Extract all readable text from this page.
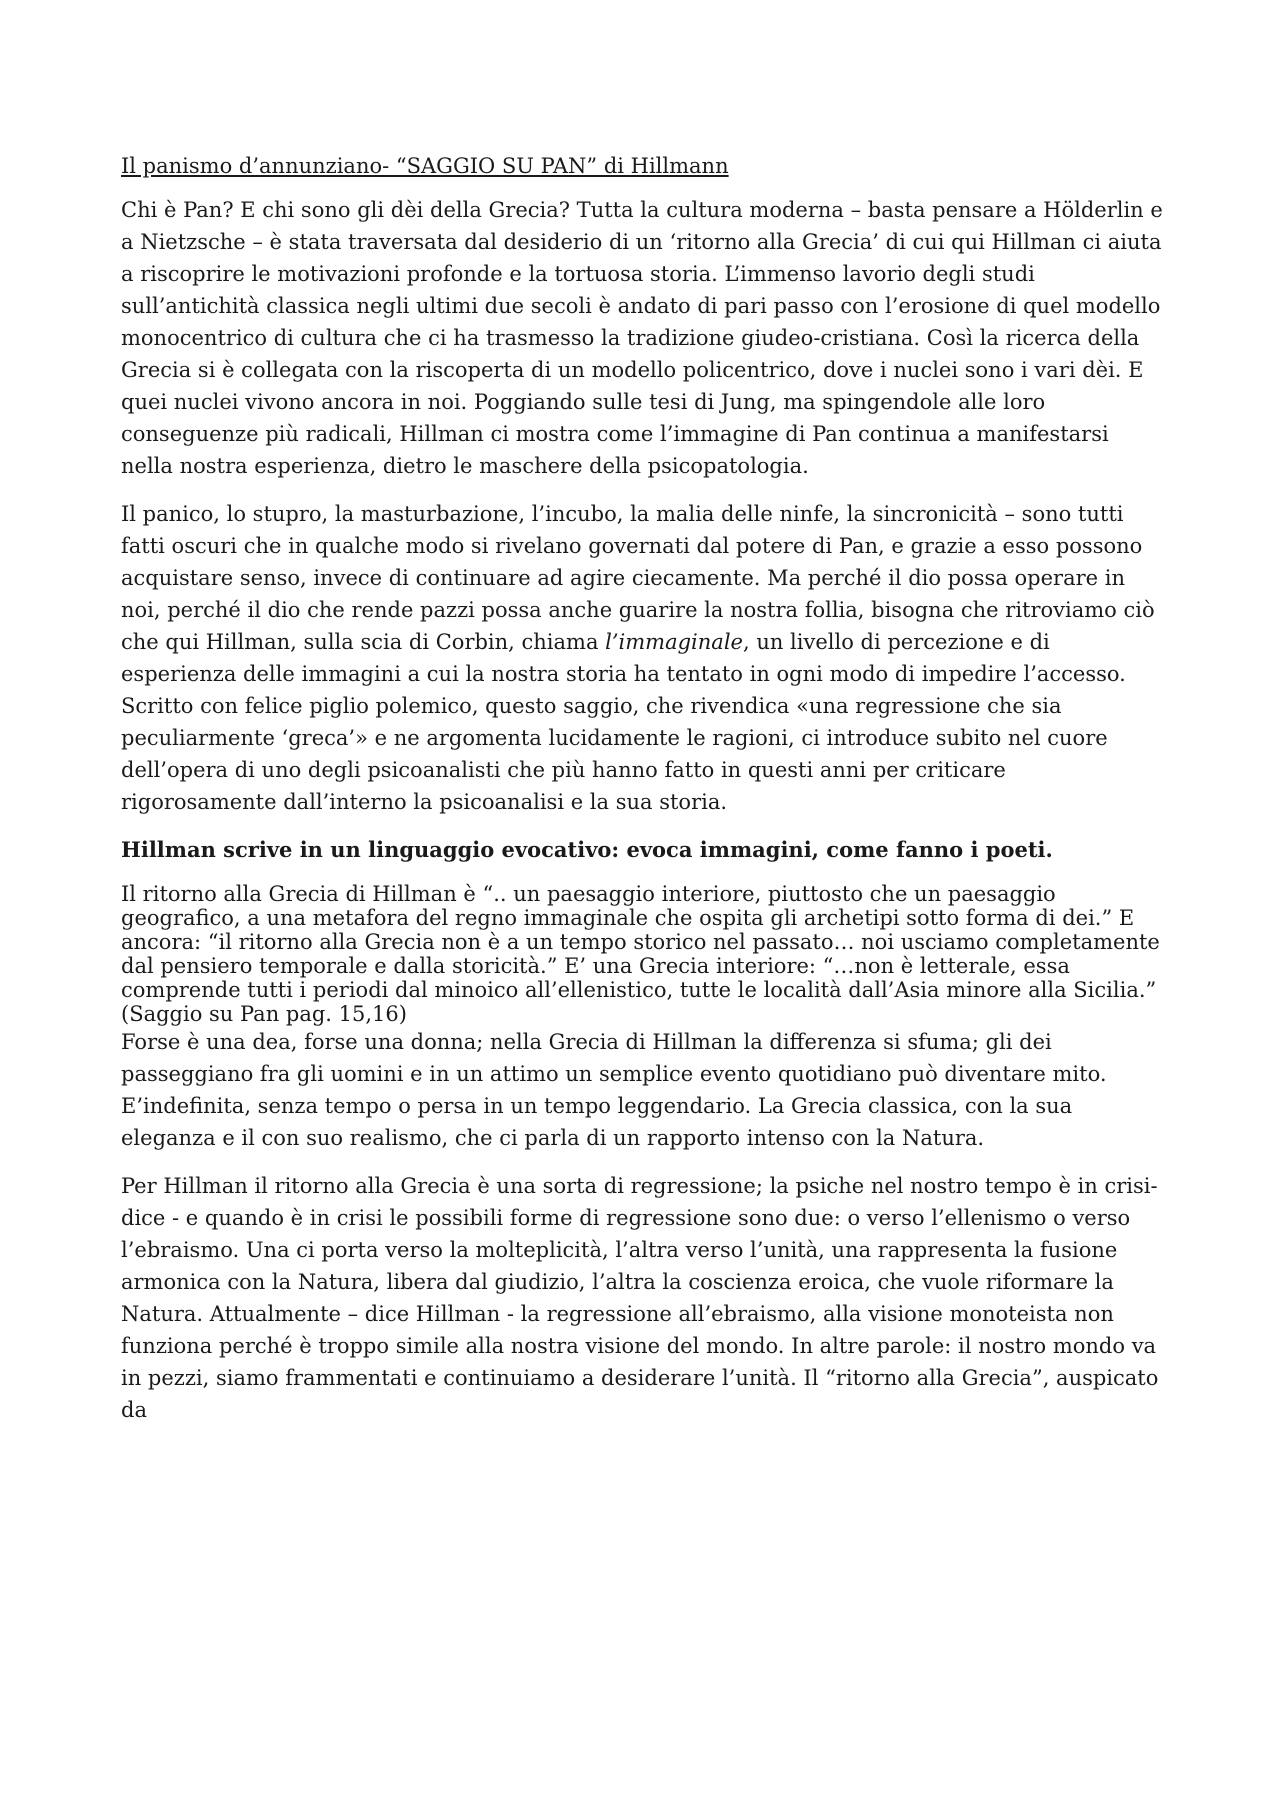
Il panismo d’annunziano- “SAGGIO SU PAN” di Hillmann

Chi è Pan? E chi sono gli dèi della Grecia? Tutta la cultura moderna – basta pensare a Hölderlin e a Nietzsche – è stata traversata dal desiderio di un ‘ritorno alla Grecia’ di cui qui Hillman ci aiuta a riscoprire le motivazioni profonde e la tortuosa storia. L’immenso lavorio degli studi sull’antichità classica negli ultimi due secoli è andato di pari passo con l’erosione di quel modello monocentrico di cultura che ci ha trasmesso la tradizione giudeo-cristiana. Così la ricerca della Grecia si è collegata con la riscoperta di un modello policentrico, dove i nuclei sono i vari dèi. E quei nuclei vivono ancora in noi. Poggiando sulle tesi di Jung, ma spingendole alle loro conseguenze più radicali, Hillman ci mostra come l’immagine di Pan continua a manifestarsi nella nostra esperienza, dietro le maschere della psicopatologia.

Il panico, lo stupro, la masturbazione, l’incubo, la malia delle ninfe, la sincronicità – sono tutti fatti oscuri che in qualche modo si rivelano governati dal potere di Pan, e grazie a esso possono acquistare senso, invece di continuare ad agire ciecamente. Ma perché il dio possa operare in noi, perché il dio che rende pazzi possa anche guarire la nostra follia, bisogna che ritroviamo ciò che qui Hillman, sulla scia di Corbin, chiama l’immaginale, un livello di percezione e di esperienza delle immagini a cui la nostra storia ha tentato in ogni modo di impedire l’accesso. Scritto con felice piglio polemico, questo saggio, che rivendica «una regressione che sia peculiarmente ‘greca’» e ne argomenta lucidamente le ragioni, ci introduce subito nel cuore dell’opera di uno degli psicoanalisti che più hanno fatto in questi anni per criticare rigorosamente dall’interno la psicoanalisi e la sua storia.

Hillman scrive in un linguaggio evocativo: evoca immagini, come fanno i poeti.

Il ritorno alla Grecia di Hillman è “.. un paesaggio interiore, piuttosto che un paesaggio geografico, a una metafora del regno immaginale che ospita gli archetipi sotto forma di dei.” E ancora: “il ritorno alla Grecia non è a un tempo storico nel passato… noi usciamo completamente dal pensiero temporale e dalla storicità.” E’ una Grecia interiore: “…non è letterale, essa comprende tutti i periodi dal minoico all’ellenistico, tutte le località dall’Asia minore alla Sicilia.” (Saggio su Pan pag. 15,16)

Forse è una dea, forse una donna; nella Grecia di Hillman la differenza si sfuma; gli dei passeggiano fra gli uomini e in un attimo un semplice evento quotidiano può diventare mito. E’indefinita, senza tempo o persa in un tempo leggendario. La Grecia classica, con la sua eleganza e il con suo realismo, che ci parla di un rapporto intenso con la Natura.

Per Hillman il ritorno alla Grecia è una sorta di regressione; la psiche nel nostro tempo è in crisi- dice - e quando è in crisi le possibili forme di regressione sono due: o verso l’ellenismo o verso l’ebraismo. Una ci porta verso la molteplicità, l’altra verso l’unità, una rappresenta la fusione armonica con la Natura, libera dal giudizio, l’altra la coscienza eroica, che vuole riformare la Natura. Attualmente – dice Hillman - la regressione all’ebraismo, alla visione monoteista non funziona perché è troppo simile alla nostra visione del mondo. In altre parole: il nostro mondo va in pezzi, siamo frammentati e continuiamo a desiderare l’unità. Il “ritorno alla Grecia”, auspicato da
